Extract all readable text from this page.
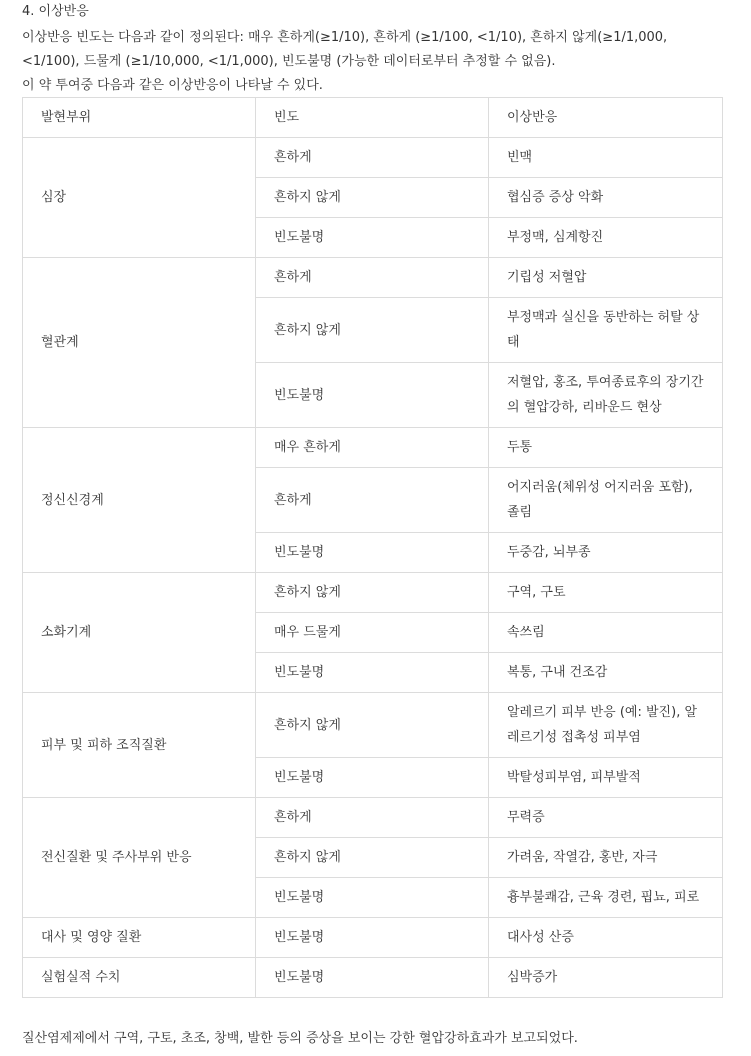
4. 이상반응

이상반응 빈도는 다음과 같이 정의된다: 매우 흔하게(≥1/10), 흔하게 (≥1/100, <1/10), 흔하지 않게(≥1/1,000,

<1/100), 드물게 (≥1/10,000, <1/1,000), 빈도불명 (가능한 데이터로부터 추정할 수 없음).

이 약 투여중 다음과 같은 이상반응이 나타날 수 있다.

발현부위	빈도	이상반응
심장	흔하게	빈맥
	흔하지 않게	협심증 증상 악화
	빈도불명	부정맥, 심계항진
혈관계	흔하게	기립성 저혈압
	흔하지 않게	부정맥과 실신을 동반하는 허탈 상태
	빈도불명	저혈압, 홍조, 투여종료후의 장기간의 혈압강하, 리바운드 현상
정신신경계	매우 흔하게	두통
	흔하게	어지러움(체위성 어지러움 포함), 졸림
	빈도불명	두중감, 뇌부종
소화기계	흔하지 않게	구역, 구토
	매우 드물게	속쓰림
	빈도불명	복통, 구내 건조감
피부 및 피하 조직질환	흔하지 않게	알레르기 피부 반응 (예: 발진), 알레르기성 접촉성 피부염
	빈도불명	박탈성피부염, 피부발적
전신질환 및 주사부위 반응	흔하게	무력증
	흔하지 않게	가려움, 작열감, 홍반, 자극
	빈도불명	흉부불쾌감, 근육 경련, 핍뇨, 피로
대사 및 영양 질환	빈도불명	대사성 산증
실험실적 수치	빈도불명	심박증가
질산염제제에서 구역, 구토, 초조, 창백, 발한 등의 증상을 보이는 강한 혈압강하효과가 보고되었다.
